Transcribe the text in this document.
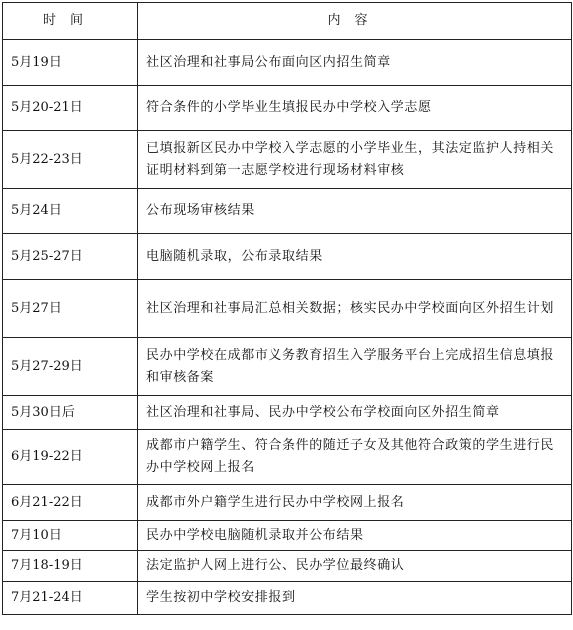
时间	内容
5月19日	社区治理和社事局公布面向区内招生简章
5月20-21日	符合条件的小学毕业生填报民办中学校入学志愿
5月22-23日	已填报新区民办中学校入学志愿的小学毕业生，其法定监护人持相关证明材料到第一志愿学校进行现场材料审核
5月24日	公布现场审核结果
5月25-27日	电脑随机录取，公布录取结果
5月27日	社区治理和社事局汇总相关数据；核实民办中学校面向区外招生计划
5月27-29日	民办中学校在成都市义务教育招生入学服务平台上完成招生信息填报和审核备案
5月30日后	社区治理和社事局、民办中学校公布学校面向区外招生简章
6月19-22日	成都市户籍学生、符合条件的随迁子女及其他符合政策的学生进行民办中学校网上报名
6月21-22日	成都市外户籍学生进行民办中学校网上报名
7月10日	民办中学校电脑随机录取并公布结果
7月18-19日	法定监护人网上进行公、民办学位最终确认
7月21-24日	学生按初中学校安排报到
